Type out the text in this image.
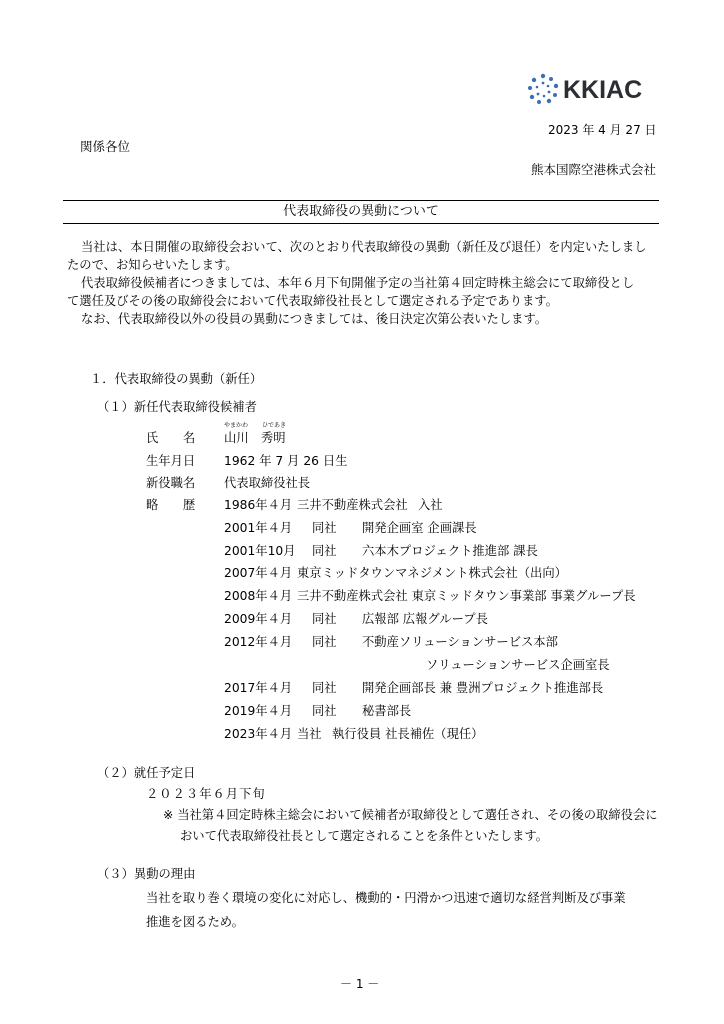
KKIAC
2023 年 4 月 27 日
関係各位
熊本国際空港株式会社
代表取締役の異動について
当社は、本日開催の取締役会おいて、次のとおり代表取締役の異動（新任及び退任）を内定いたしまし
たので、お知らせいたします。
代表取締役候補者につきましては、本年６月下旬開催予定の当社第４回定時株主総会にて取締役とし
て選任及びその後の取締役会において代表取締役社長として選定される予定であります。
なお、代表取締役以外の役員の異動につきましては、後日決定次第公表いたします。
１．代表取締役の異動（新任）
（１）新任代表取締役候補者
氏　　名
やまかわ ひであき
山川　秀明
生年月日 1962 年 7 月 26 日生
新役職名 代表取締役社長
略　　歴 1986年４月 三井不動産株式会社 入社
2001年４月 同社 開発企画室 企画課長
2001年10月 同社 六本木プロジェクト推進部 課長
2007年４月 東京ミッドタウンマネジメント株式会社（出向）
2008年４月 三井不動産株式会社 東京ミッドタウン事業部 事業グループ長
2009年４月 同社 広報部 広報グループ長
2012年４月 同社 不動産ソリューションサービス本部
ソリューションサービス企画室長
2017年４月 同社 開発企画部長 兼 豊洲プロジェクト推進部長
2019年４月 同社 秘書部長
2023年４月 当社 執行役員 社長補佐（現任）
（２）就任予定日
２０２３年６月下旬
※ 当社第４回定時株主総会において候補者が取締役として選任され、その後の取締役会に
おいて代表取締役社長として選定されることを条件といたします。
（３）異動の理由
当社を取り巻く環境の変化に対応し、機動的・円滑かつ迅速で適切な経営判断及び事業
推進を図るため。
－ 1 －
